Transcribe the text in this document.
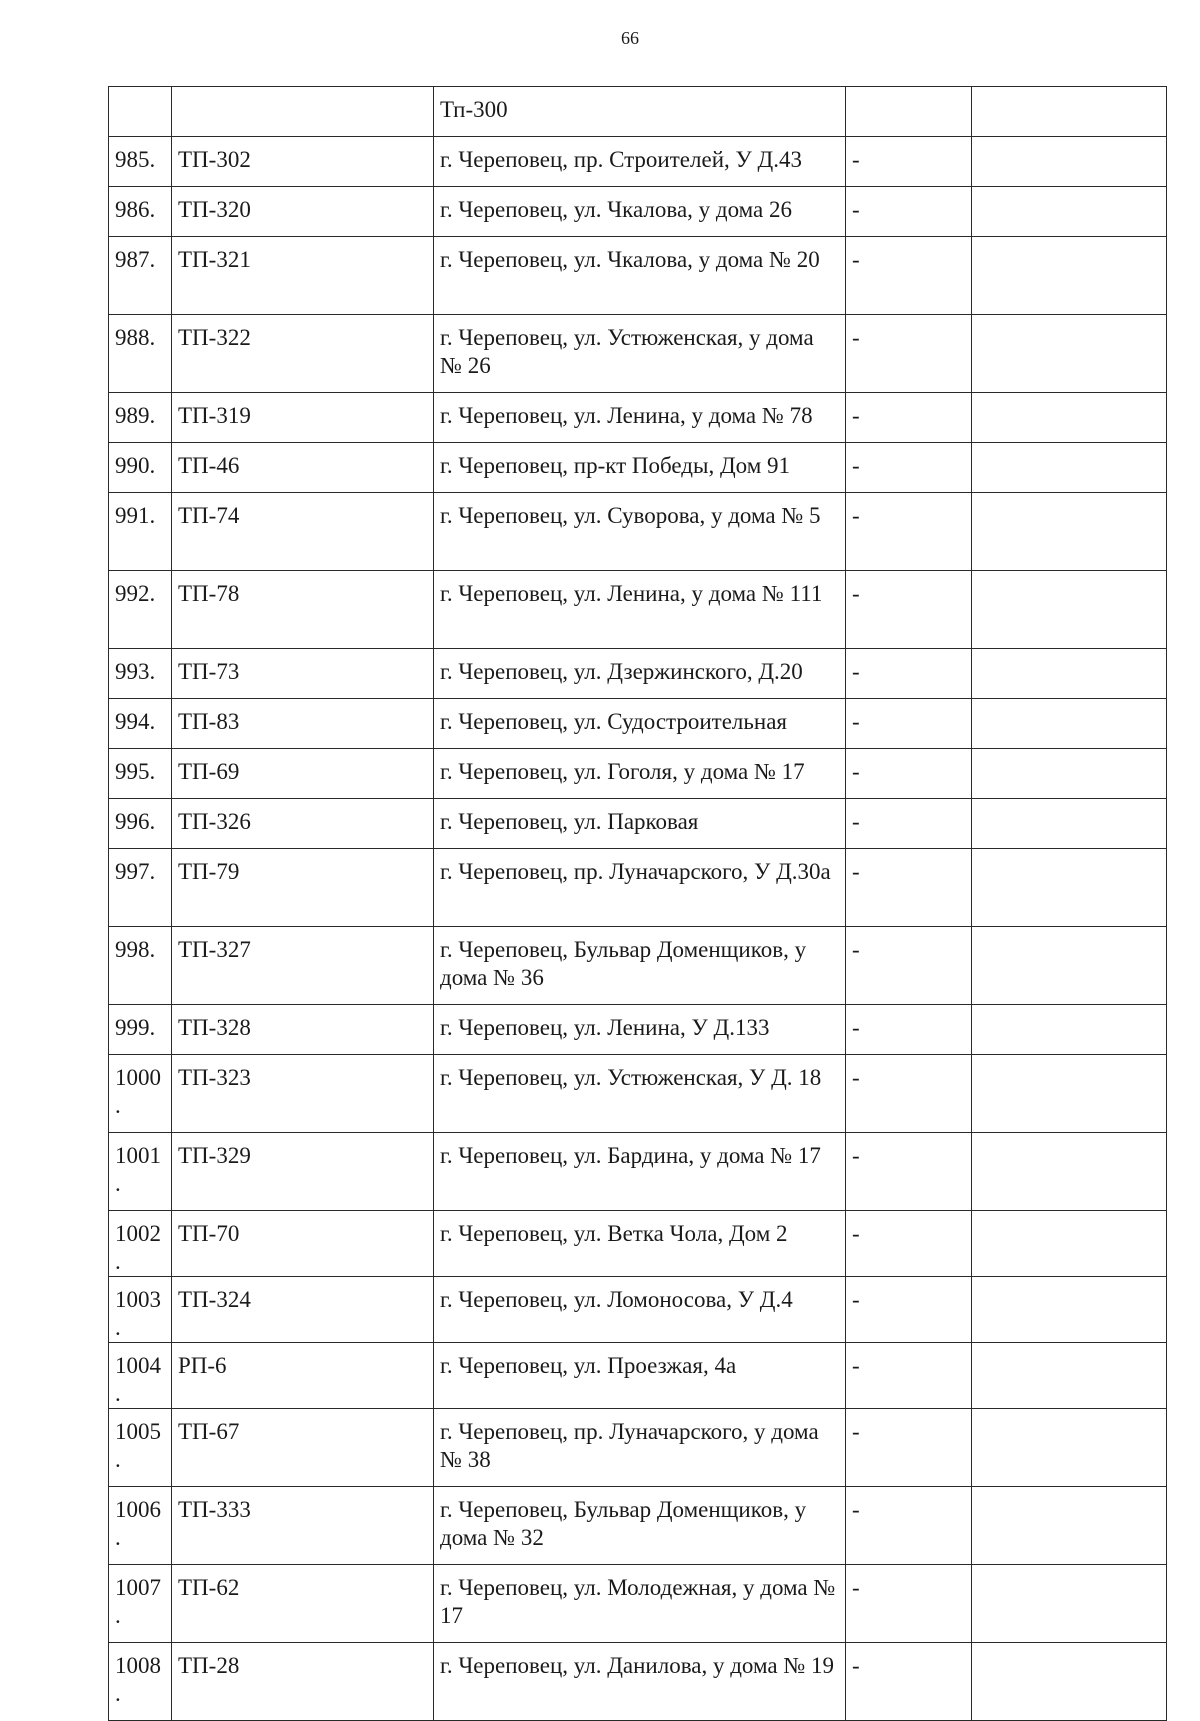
66
		Тп-300		
985.	ТП-302	г. Череповец, пр. Строителей, У Д.43	-	
986.	ТП-320	г. Череповец, ул. Чкалова, у дома 26	-	
987.	ТП-321	г. Череповец, ул. Чкалова, у дома № 20	-	
988.	ТП-322	г. Череповец, ул. Устюженская, у дома № 26	-	
989.	ТП-319	г. Череповец, ул. Ленина, у дома № 78	-	
990.	ТП-46	г. Череповец, пр-кт Победы, Дом 91	-	
991.	ТП-74	г. Череповец, ул. Суворова, у дома № 5	-	
992.	ТП-78	г. Череповец, ул. Ленина, у дома № 111	-	
993.	ТП-73	г. Череповец, ул. Дзержинского, Д.20	-	
994.	ТП-83	г. Череповец, ул. Судостроительная	-	
995.	ТП-69	г. Череповец, ул. Гоголя, у дома № 17	-	
996.	ТП-326	г. Череповец, ул. Парковая	-	
997.	ТП-79	г. Череповец, пр. Луначарского, У Д.30а	-	
998.	ТП-327	г. Череповец, Бульвар Доменщиков, у дома № 36	-	
999.	ТП-328	г. Череповец, ул. Ленина, У Д.133	-	
1000.	ТП-323	г. Череповец, ул. Устюженская, У Д. 18	-	
1001.	ТП-329	г. Череповец, ул. Бардина, у дома № 17	-	
1002.	ТП-70	г. Череповец, ул. Ветка Чола, Дом 2	-	
1003.	ТП-324	г. Череповец, ул. Ломоносова, У Д.4	-	
1004.	РП-6	г. Череповец, ул. Проезжая, 4а	-	
1005.	ТП-67	г. Череповец, пр. Луначарского, у дома № 38	-	
1006.	ТП-333	г. Череповец, Бульвар Доменщиков, у дома № 32	-	
1007.	ТП-62	г. Череповец, ул. Молодежная, у дома № 17	-	
1008.	ТП-28	г. Череповец, ул. Данилова, у дома № 19	-	
